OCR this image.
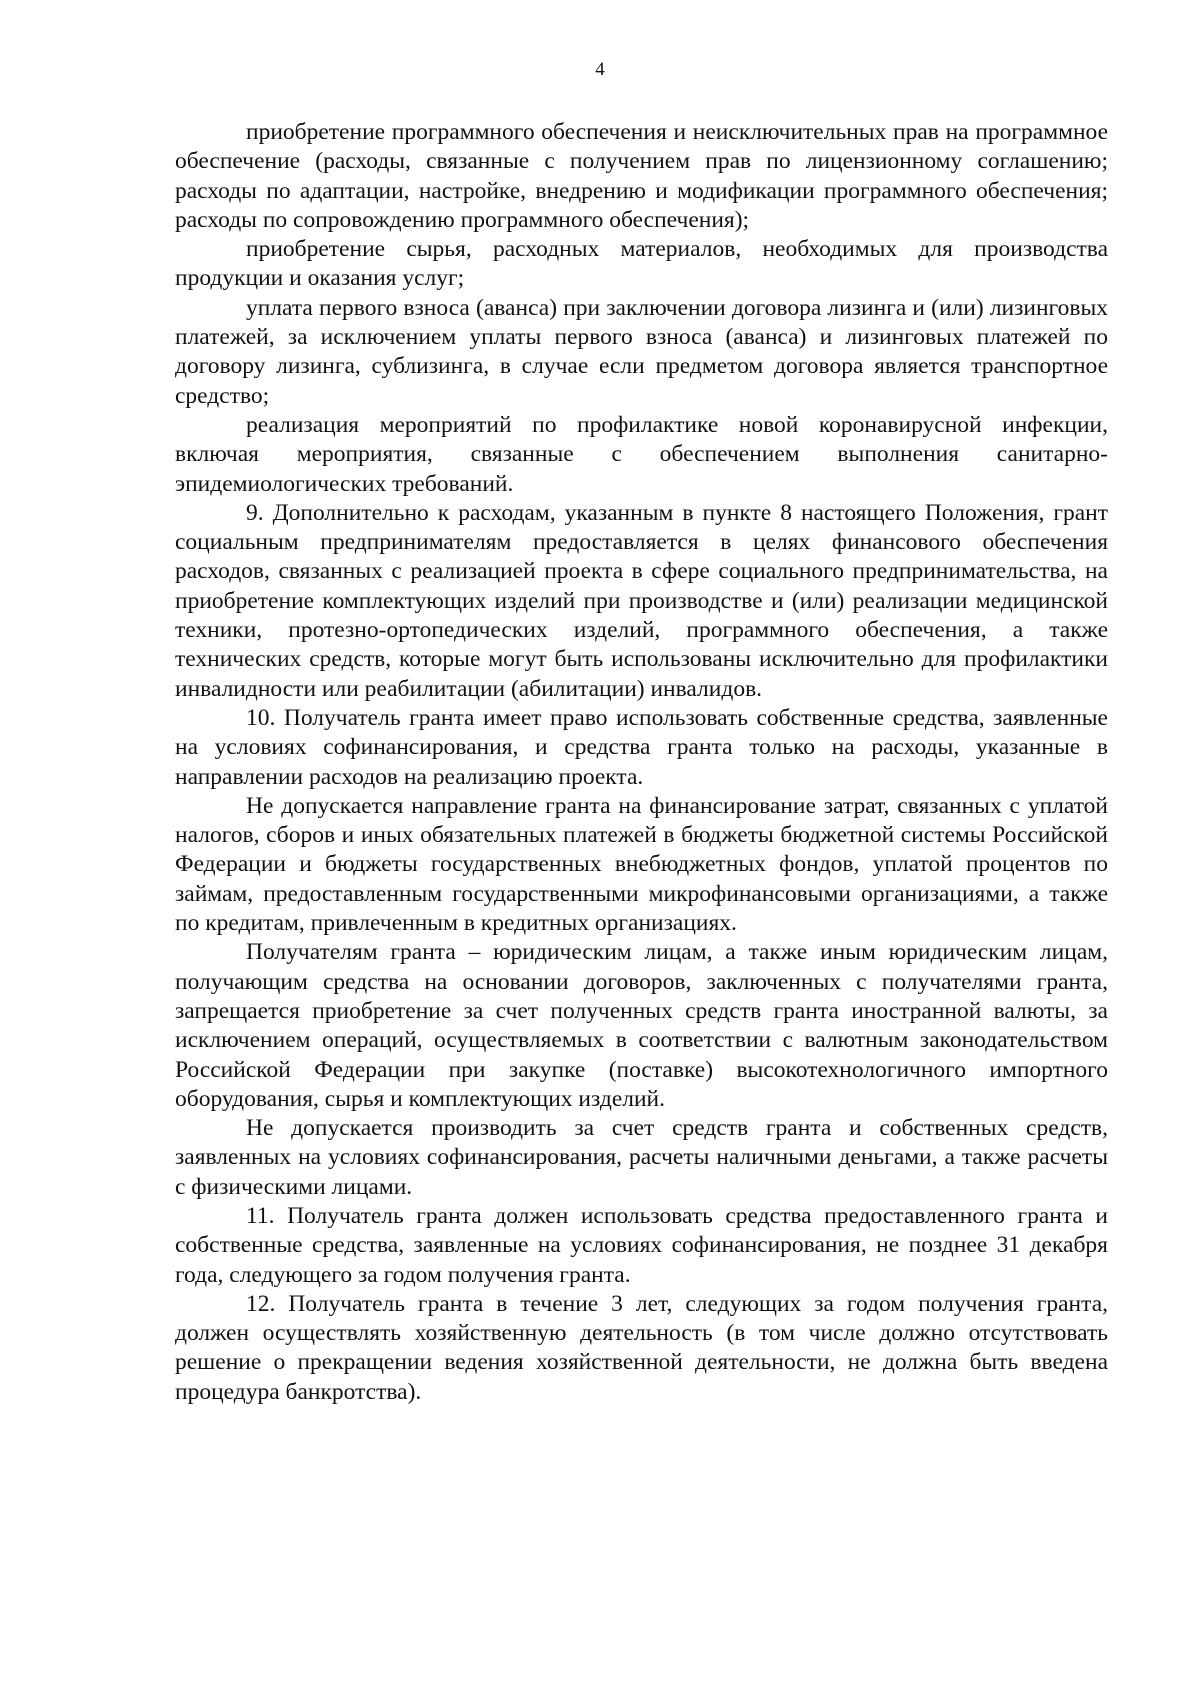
4

приобретение программного обеспечения и неисключительных прав на программное обеспечение (расходы, связанные с получением прав по лицензионному соглашению; расходы по адаптации, настройке, внедрению и модификации программного обеспечения; расходы по сопровождению программного обеспечения);

приобретение сырья, расходных материалов, необходимых для производства продукции и оказания услуг;

уплата первого взноса (аванса) при заключении договора лизинга и (или) лизинговых платежей, за исключением уплаты первого взноса (аванса) и лизинговых платежей по договору лизинга, сублизинга, в случае если предметом договора является транспортное средство;

реализация мероприятий по профилактике новой коронавирусной инфекции, включая мероприятия, связанные с обеспечением выполнения санитарно-эпидемиологических требований.

9. Дополнительно к расходам, указанным в пункте 8 настоящего Положения, грант социальным предпринимателям предоставляется в целях финансового обеспечения расходов, связанных с реализацией проекта в сфере социального предпринимательства, на приобретение комплектующих изделий при производстве и (или) реализации медицинской техники, протезно-ортопедических изделий, программного обеспечения, а также технических средств, которые могут быть использованы исключительно для профилактики инвалидности или реабилитации (абилитации) инвалидов.

10. Получатель гранта имеет право использовать собственные средства, заявленные на условиях софинансирования, и средства гранта только на расходы, указанные в направлении расходов на реализацию проекта.

Не допускается направление гранта на финансирование затрат, связанных с уплатой налогов, сборов и иных обязательных платежей в бюджеты бюджетной системы Российской Федерации и бюджеты государственных внебюджетных фондов, уплатой процентов по займам, предоставленным государственными микрофинансовыми организациями, а также по кредитам, привлеченным в кредитных организациях.

Получателям гранта – юридическим лицам, а также иным юридическим лицам, получающим средства на основании договоров, заключенных с получателями гранта, запрещается приобретение за счет полученных средств гранта иностранной валюты, за исключением операций, осуществляемых в соответствии с валютным законодательством Российской Федерации при закупке (поставке) высокотехнологичного импортного оборудования, сырья и комплектующих изделий.

Не допускается производить за счет средств гранта и собственных средств, заявленных на условиях софинансирования, расчеты наличными деньгами, а также расчеты с физическими лицами.

11. Получатель гранта должен использовать средства предоставленного гранта и собственные средства, заявленные на условиях софинансирования, не позднее 31 декабря года, следующего за годом получения гранта.

12. Получатель гранта в течение 3 лет, следующих за годом получения гранта, должен осуществлять хозяйственную деятельность (в том числе должно отсутствовать решение о прекращении ведения хозяйственной деятельности, не должна быть введена процедура банкротства).
